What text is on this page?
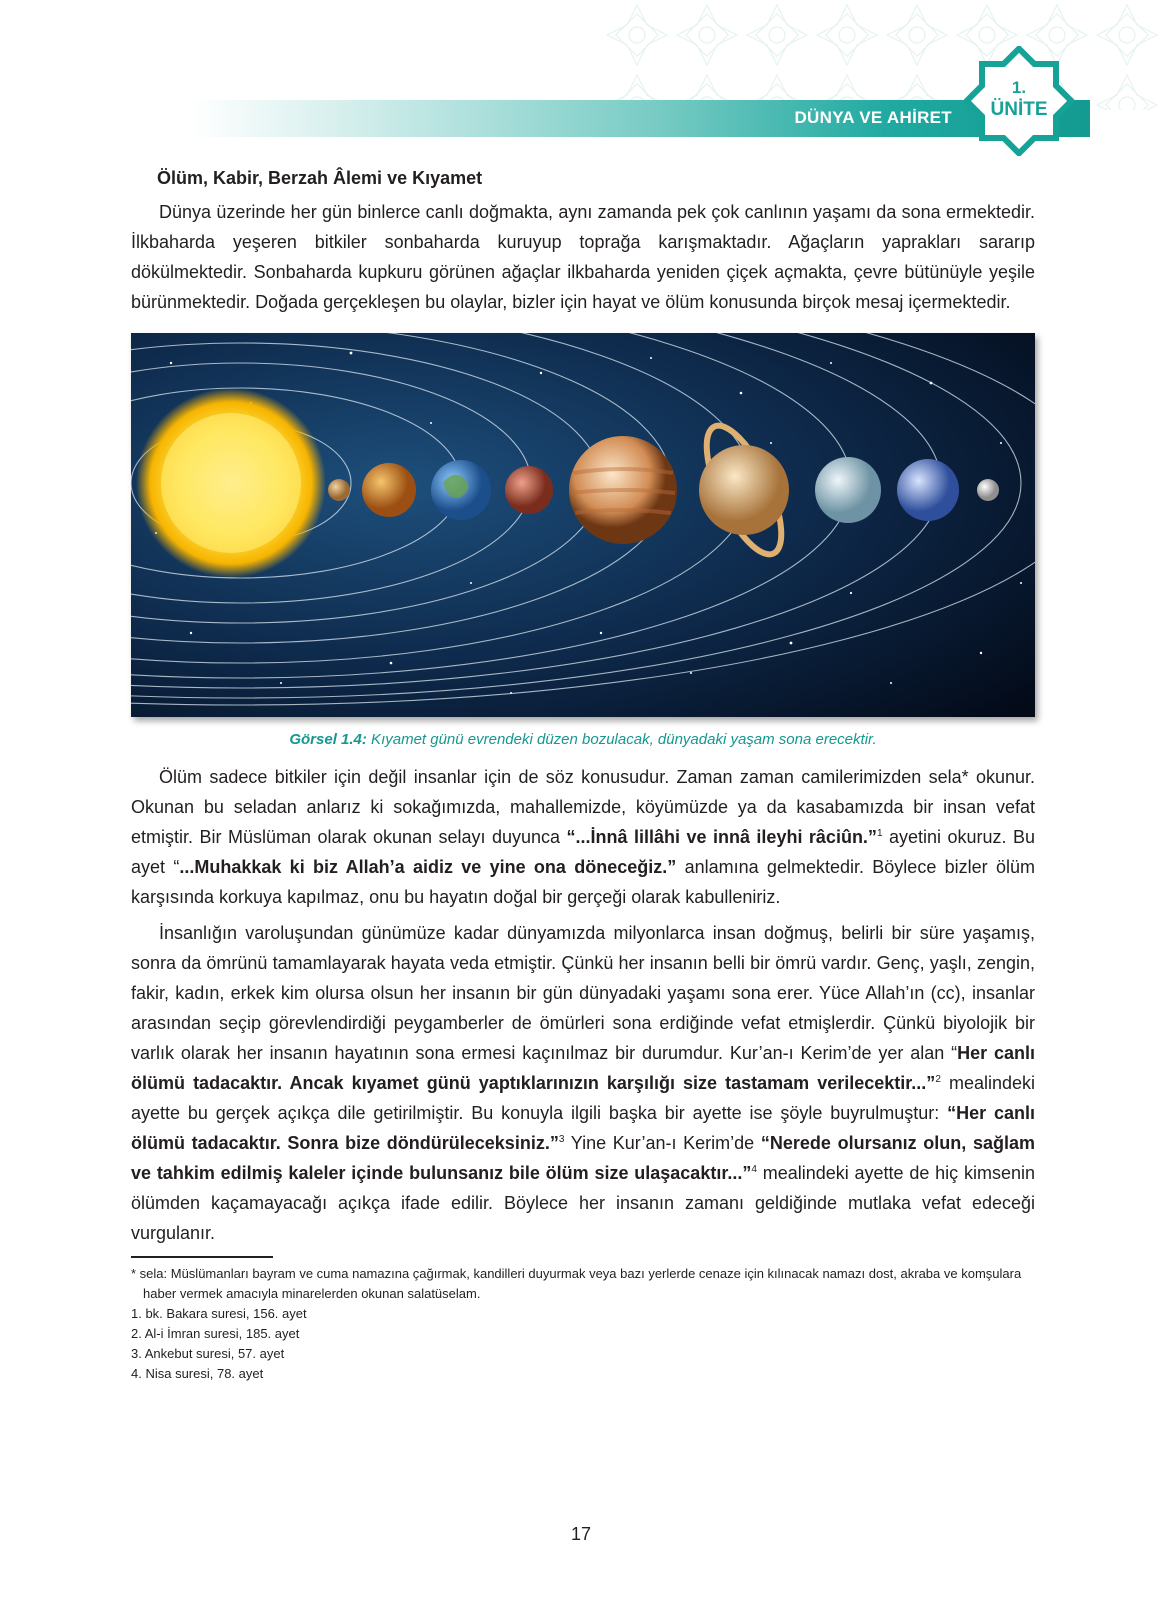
DÜNYA VE AHİRET
1.
ÜNİTE
Ölüm, Kabir, Berzah Âlemi ve Kıyamet

Dünya üzerinde her gün binlerce canlı doğmakta, aynı zamanda pek çok canlının yaşamı da sona ermektedir. İlkbaharda yeşeren bitkiler sonbaharda kuruyup toprağa karışmaktadır. Ağaçların yaprakları sararıp dökülmektedir. Sonbaharda kupkuru görünen ağaçlar ilkbaharda yeniden çiçek açmakta, çevre bütünüyle yeşile bürünmektedir. Doğada gerçekleşen bu olaylar, bizler için hayat ve ölüm konusunda birçok mesaj içermektedir.

Görsel 1.4: Kıyamet günü evrendeki düzen bozulacak, dünyadaki yaşam sona erecektir.

Ölüm sadece bitkiler için değil insanlar için de söz konusudur. Zaman zaman camilerimizden sela* okunur. Okunan bu seladan anlarız ki sokağımızda, mahallemizde, köyümüzde ya da kasabamızda bir insan vefat etmiştir. Bir Müslüman olarak okunan selayı duyunca “...İnnâ lillâhi ve innâ ileyhi râciûn.”$^1$ ayetini okuruz. Bu ayet “...Muhakkak ki biz Allah’a aidiz ve yine ona döneceğiz.” anlamına gelmektedir. Böylece bizler ölüm karşısında korkuya kapılmaz, onu bu hayatın doğal bir gerçeği olarak kabulleniriz.

İnsanlığın varoluşundan günümüze kadar dünyamızda milyonlarca insan doğmuş, belirli bir süre yaşamış, sonra da ömrünü tamamlayarak hayata veda etmiştir. Çünkü her insanın belli bir ömrü vardır. Genç, yaşlı, zengin, fakir, kadın, erkek kim olursa olsun her insanın bir gün dünyadaki yaşamı sona erer. Yüce Allah’ın (cc), insanlar arasından seçip görevlendirdiği peygamberler de ömürleri sona erdiğinde vefat etmişlerdir. Çünkü biyolojik bir varlık olarak her insanın hayatının sona ermesi kaçınılmaz bir durumdur. Kur’an-ı Kerim’de yer alan “Her canlı ölümü tadacaktır. Ancak kıyamet günü yaptıklarınızın karşılığı size tastamam verilecektir...”$^2$ mealindeki ayette bu gerçek açıkça dile getirilmiştir. Bu konuyla ilgili başka bir ayette ise şöyle buyrulmuştur: “Her canlı ölümü tadacaktır. Sonra bize döndürüleceksiniz.”$^3$ Yine Kur’an-ı Kerim’de “Nerede olursanız olun, sağlam ve tahkim edilmiş kaleler içinde bulunsanız bile ölüm size ulaşacaktır...”$^4$ mealindeki ayette de hiç kimsenin ölümden kaçamayacağı açıkça ifade edilir. Böylece her insanın zamanı geldiğinde mutlaka vefat edeceği vurgulanır.

* sela: Müslümanları bayram ve cuma namazına çağırmak, kandilleri duyurmak veya bazı yerlerde cenaze için kılınacak namazı dost, akraba ve komşulara haber vermek amacıyla minarelerden okunan salatüselam.

1. bk. Bakara suresi, 156. ayet

2. Al-i İmran suresi, 185. ayet

3. Ankebut suresi, 57. ayet

4. Nisa suresi, 78. ayet

17
